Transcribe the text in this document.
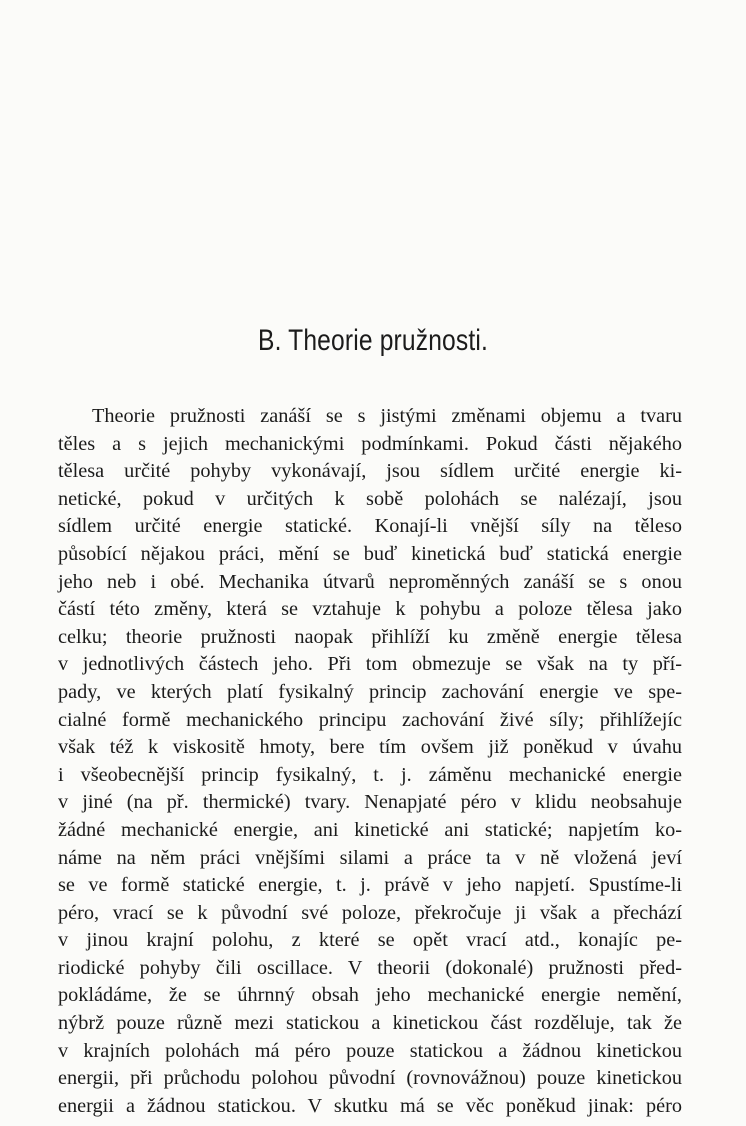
B. Theorie pružnosti.
Theorie pružnosti zanáší se s jistými změnami objemu a tvaru
těles a s jejich mechanickými podmínkami. Pokud části nějakého
tělesa určité pohyby vykonávají, jsou sídlem určité energie ki-
netické, pokud v určitých k sobě polohách se nalézají, jsou
sídlem určité energie statické. Konají-li vnější síly na těleso
působící nějakou práci, mění se buď kinetická buď statická energie
jeho neb i obé. Mechanika útvarů neproměnných zanáší se s onou
částí této změny, která se vztahuje k pohybu a poloze tělesa jako
celku; theorie pružnosti naopak přihlíží ku změně energie tělesa
v jednotlivých částech jeho. Při tom obmezuje se však na ty pří-
pady, ve kterých platí fysikalný princip zachování energie ve spe-
cialné formě mechanického principu zachování živé síly; přihlížejíc
však též k viskositě hmoty, bere tím ovšem již poněkud v úvahu
i všeobecnější princip fysikalný, t. j. záměnu mechanické energie
v jiné (na př. thermické) tvary. Nenapjaté péro v klidu neobsahuje
žádné mechanické energie, ani kinetické ani statické; napjetím ko-
náme na něm práci vnějšími silami a práce ta v ně vložená jeví
se ve formě statické energie, t. j. právě v jeho napjetí. Spustíme-li
péro, vrací se k původní své poloze, překročuje ji však a přechází
v jinou krajní polohu, z které se opět vrací atd., konajíc pe-
riodické pohyby čili oscillace. V theorii (dokonalé) pružnosti před-
pokládáme, že se úhrnný obsah jeho mechanické energie nemění,
nýbrž pouze různě mezi statickou a kinetickou část rozděluje, tak že
v krajních polohách má péro pouze statickou a žádnou kinetickou
energii, při průchodu polohou původní (rovnovážnou) pouze kinetickou
energii a žádnou statickou. V skutku má se věc poněkud jinak: péro
